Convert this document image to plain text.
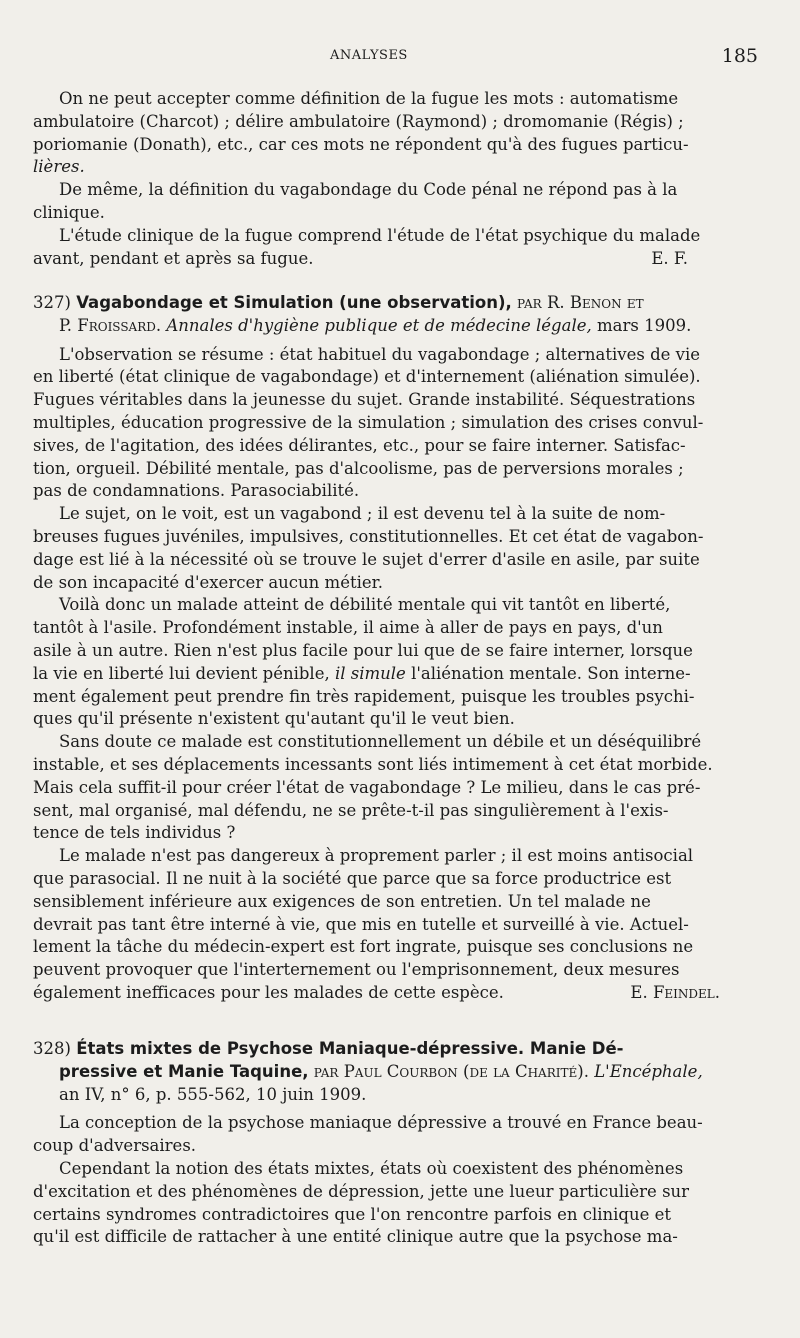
ANALYSES	185

On ne peut accepter comme définition de la fugue les mots : automatisme
ambulatoire (Charcot) ; délire ambulatoire (Raymond) ; dromomanie (Régis) ;
poriomanie (Donath), etc., car ces mots ne répondent qu'à des fugues particu-
lières.

De même, la définition du vagabondage du Code pénal ne répond pas à la
clinique.

L'étude clinique de la fugue comprend l'étude de l'état psychique du malade
avant, pendant et après sa fugue.	E. F.

327) Vagabondage et Simulation (une observation), par R. Benon et
P. Froissard. Annales d'hygiène publique et de médecine légale, mars 1909.

L'observation se résume : état habituel du vagabondage ; alternatives de vie
en liberté (état clinique de vagabondage) et d'internement (aliénation simulée).
Fugues véritables dans la jeunesse du sujet. Grande instabilité. Séquestrations
multiples, éducation progressive de la simulation ; simulation des crises convul-
sives, de l'agitation, des idées délirantes, etc., pour se faire interner. Satisfac-
tion, orgueil. Débilité mentale, pas d'alcoolisme, pas de perversions morales ;
pas de condamnations. Parasociabilité.

Le sujet, on le voit, est un vagabond ; il est devenu tel à la suite de nom-
breuses fugues juvéniles, impulsives, constitutionnelles. Et cet état de vagabon-
dage est lié à la nécessité où se trouve le sujet d'errer d'asile en asile, par suite
de son incapacité d'exercer aucun métier.

Voilà donc un malade atteint de débilité mentale qui vit tantôt en liberté,
tantôt à l'asile. Profondément instable, il aime à aller de pays en pays, d'un
asile à un autre. Rien n'est plus facile pour lui que de se faire interner, lorsque
la vie en liberté lui devient pénible, il simule l'aliénation mentale. Son interne-
ment également peut prendre fin très rapidement, puisque les troubles psychi-
ques qu'il présente n'existent qu'autant qu'il le veut bien.

Sans doute ce malade est constitutionnellement un débile et un déséquilibré
instable, et ses déplacements incessants sont liés intimement à cet état morbide.
Mais cela suffit-il pour créer l'état de vagabondage ? Le milieu, dans le cas pré-
sent, mal organisé, mal défendu, ne se prête-t-il pas singulièrement à l'exis-
tence de tels individus ?

Le malade n'est pas dangereux à proprement parler ; il est moins antisocial
que parasocial. Il ne nuit à la société que parce que sa force productrice est
sensiblement inférieure aux exigences de son entretien. Un tel malade ne
devrait pas tant être interné à vie, que mis en tutelle et surveillé à vie. Actuel-
lement la tâche du médecin-expert est fort ingrate, puisque ses conclusions ne
peuvent provoquer que l'interternement ou l'emprisonnement, deux mesures
également inefficaces pour les malades de cette espèce.	E. Feindel.

328) États mixtes de Psychose Maniaque-dépressive. Manie Dé-
pressive et Manie Taquine, par Paul Courbon (de la Charité). L'Encéphale,
an IV, n° 6, p. 555-562, 10 juin 1909.

La conception de la psychose maniaque dépressive a trouvé en France beau-
coup d'adversaires.

Cependant la notion des états mixtes, états où coexistent des phénomènes
d'excitation et des phénomènes de dépression, jette une lueur particulière sur
certains syndromes contradictoires que l'on rencontre parfois en clinique et
qu'il est difficile de rattacher à une entité clinique autre que la psychose ma-
